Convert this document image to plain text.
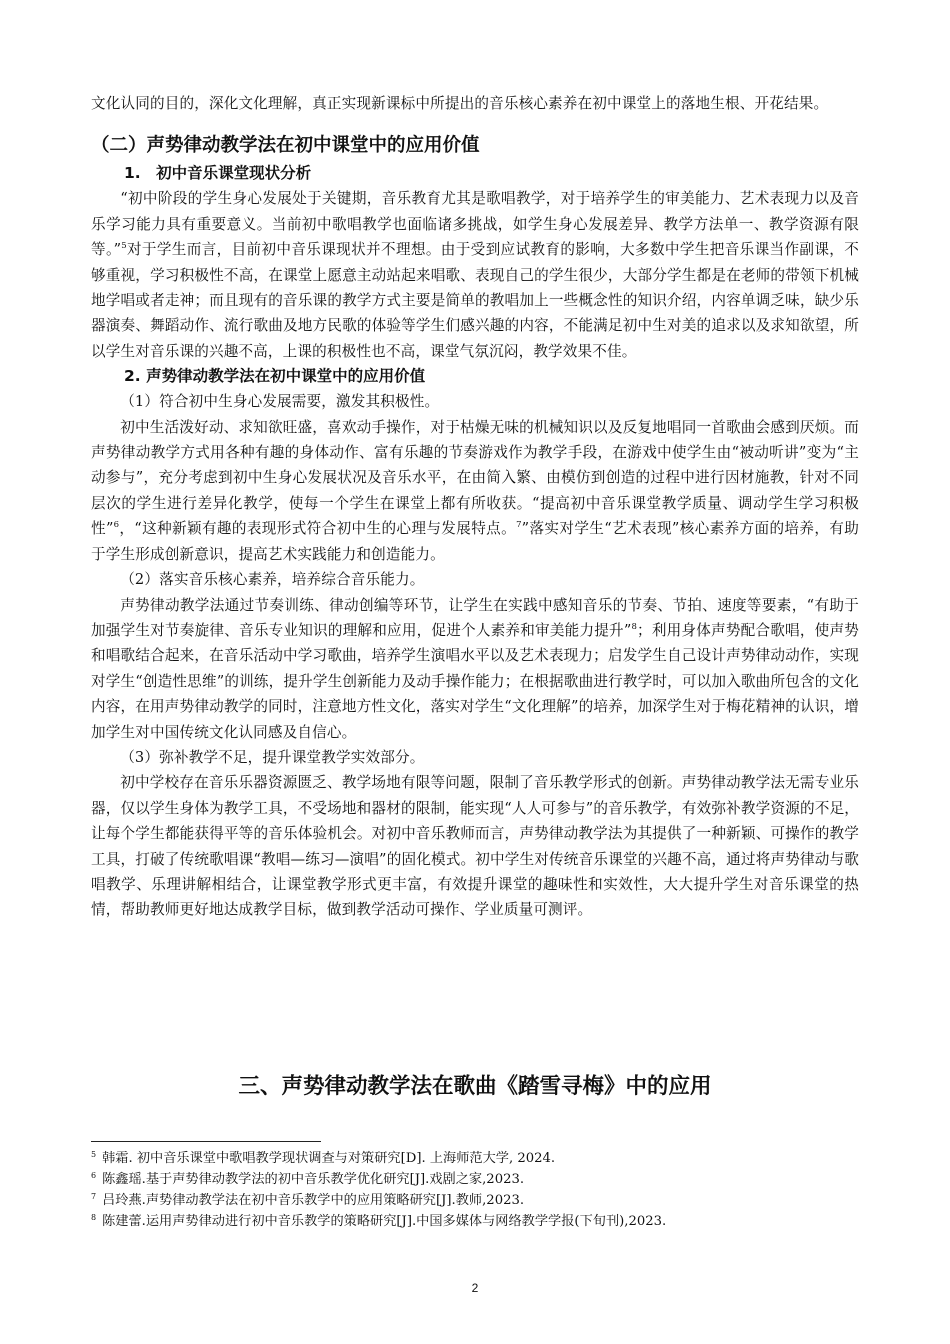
文化认同的目的，深化文化理解，真正实现新课标中所提出的音乐核心素养在初中课堂上的落地生根、开花结果。

（二）声势律动教学法在初中课堂中的应用价值
1.　初中音乐课堂现状分析

“初中阶段的学生身心发展处于关键期，音乐教育尤其是歌唱教学，对于培养学生的审美能力、艺术表现力以及音乐学习能力具有重要意义。当前初中歌唱教学也面临诸多挑战，如学生身心发展差异、教学方法单一、教学资源有限等。”$^5$对于学生而言，目前初中音乐课现状并不理想。由于受到应试教育的影响，大多数中学生把音乐课当作副课，不够重视，学习积极性不高，在课堂上愿意主动站起来唱歌、表现自己的学生很少，大部分学生都是在老师的带领下机械地学唱或者走神；而且现有的音乐课的教学方式主要是简单的教唱加上一些概念性的知识介绍，内容单调乏味，缺少乐器演奏、舞蹈动作、流行歌曲及地方民歌的体验等学生们感兴趣的内容，不能满足初中生对美的追求以及求知欲望，所以学生对音乐课的兴趣不高，上课的积极性也不高，课堂气氛沉闷，教学效果不佳。

2. 声势律动教学法在初中课堂中的应用价值

（1）符合初中生身心发展需要，激发其积极性。

初中生活泼好动、求知欲旺盛，喜欢动手操作，对于枯燥无味的机械知识以及反复地唱同一首歌曲会感到厌烦。而声势律动教学方式用各种有趣的身体动作、富有乐趣的节奏游戏作为教学手段，在游戏中使学生由“被动听讲”变为“主动参与”，充分考虑到初中生身心发展状况及音乐水平，在由简入繁、由模仿到创造的过程中进行因材施教，针对不同层次的学生进行差异化教学，使每一个学生在课堂上都有所收获。“提高初中音乐课堂教学质量、调动学生学习积极性”$^6$，“这种新颖有趣的表现形式符合初中生的心理与发展特点。$^7$”落实对学生“艺术表现”核心素养方面的培养，有助于学生形成创新意识，提高艺术实践能力和创造能力。

（2）落实音乐核心素养，培养综合音乐能力。

声势律动教学法通过节奏训练、律动创编等环节，让学生在实践中感知音乐的节奏、节拍、速度等要素，“有助于加强学生对节奏旋律、音乐专业知识的理解和应用，促进个人素养和审美能力提升”$^8$；利用身体声势配合歌唱，使声势和唱歌结合起来，在音乐活动中学习歌曲，培养学生演唱水平以及艺术表现力；启发学生自己设计声势律动动作，实现对学生“创造性思维”的训练，提升学生创新能力及动手操作能力；在根据歌曲进行教学时，可以加入歌曲所包含的文化内容，在用声势律动教学的同时，注意地方性文化，落实对学生“文化理解”的培养，加深学生对于梅花精神的认识，增加学生对中国传统文化认同感及自信心。

（3）弥补教学不足，提升课堂教学实效部分。

初中学校存在音乐乐器资源匮乏、教学场地有限等问题，限制了音乐教学形式的创新。声势律动教学法无需专业乐器，仅以学生身体为教学工具，不受场地和器材的限制，能实现“人人可参与”的音乐教学，有效弥补教学资源的不足，让每个学生都能获得平等的音乐体验机会。对初中音乐教师而言，声势律动教学法为其提供了一种新颖、可操作的教学工具，打破了传统歌唱课“教唱—练习—演唱”的固化模式。初中学生对传统音乐课堂的兴趣不高，通过将声势律动与歌唱教学、乐理讲解相结合，让课堂教学形式更丰富，有效提升课堂的趣味性和实效性，大大提升学生对音乐课堂的热情，帮助教师更好地达成教学目标，做到教学活动可操作、学业质量可测评。

三、声势律动教学法在歌曲《踏雪寻梅》中的应用
$^5$ 韩霜. 初中音乐课堂中歌唱教学现状调查与对策研究[D]. 上海师范大学, 2024.
$^6$ 陈鑫瑶.基于声势律动教学法的初中音乐教学优化研究[J].戏剧之家,2023.
$^7$ 吕玲燕.声势律动教学法在初中音乐教学中的应用策略研究[J].教师,2023.
$^8$ 陈建蕾.运用声势律动进行初中音乐教学的策略研究[J].中国多媒体与网络教学学报(下旬刊),2023.
2
